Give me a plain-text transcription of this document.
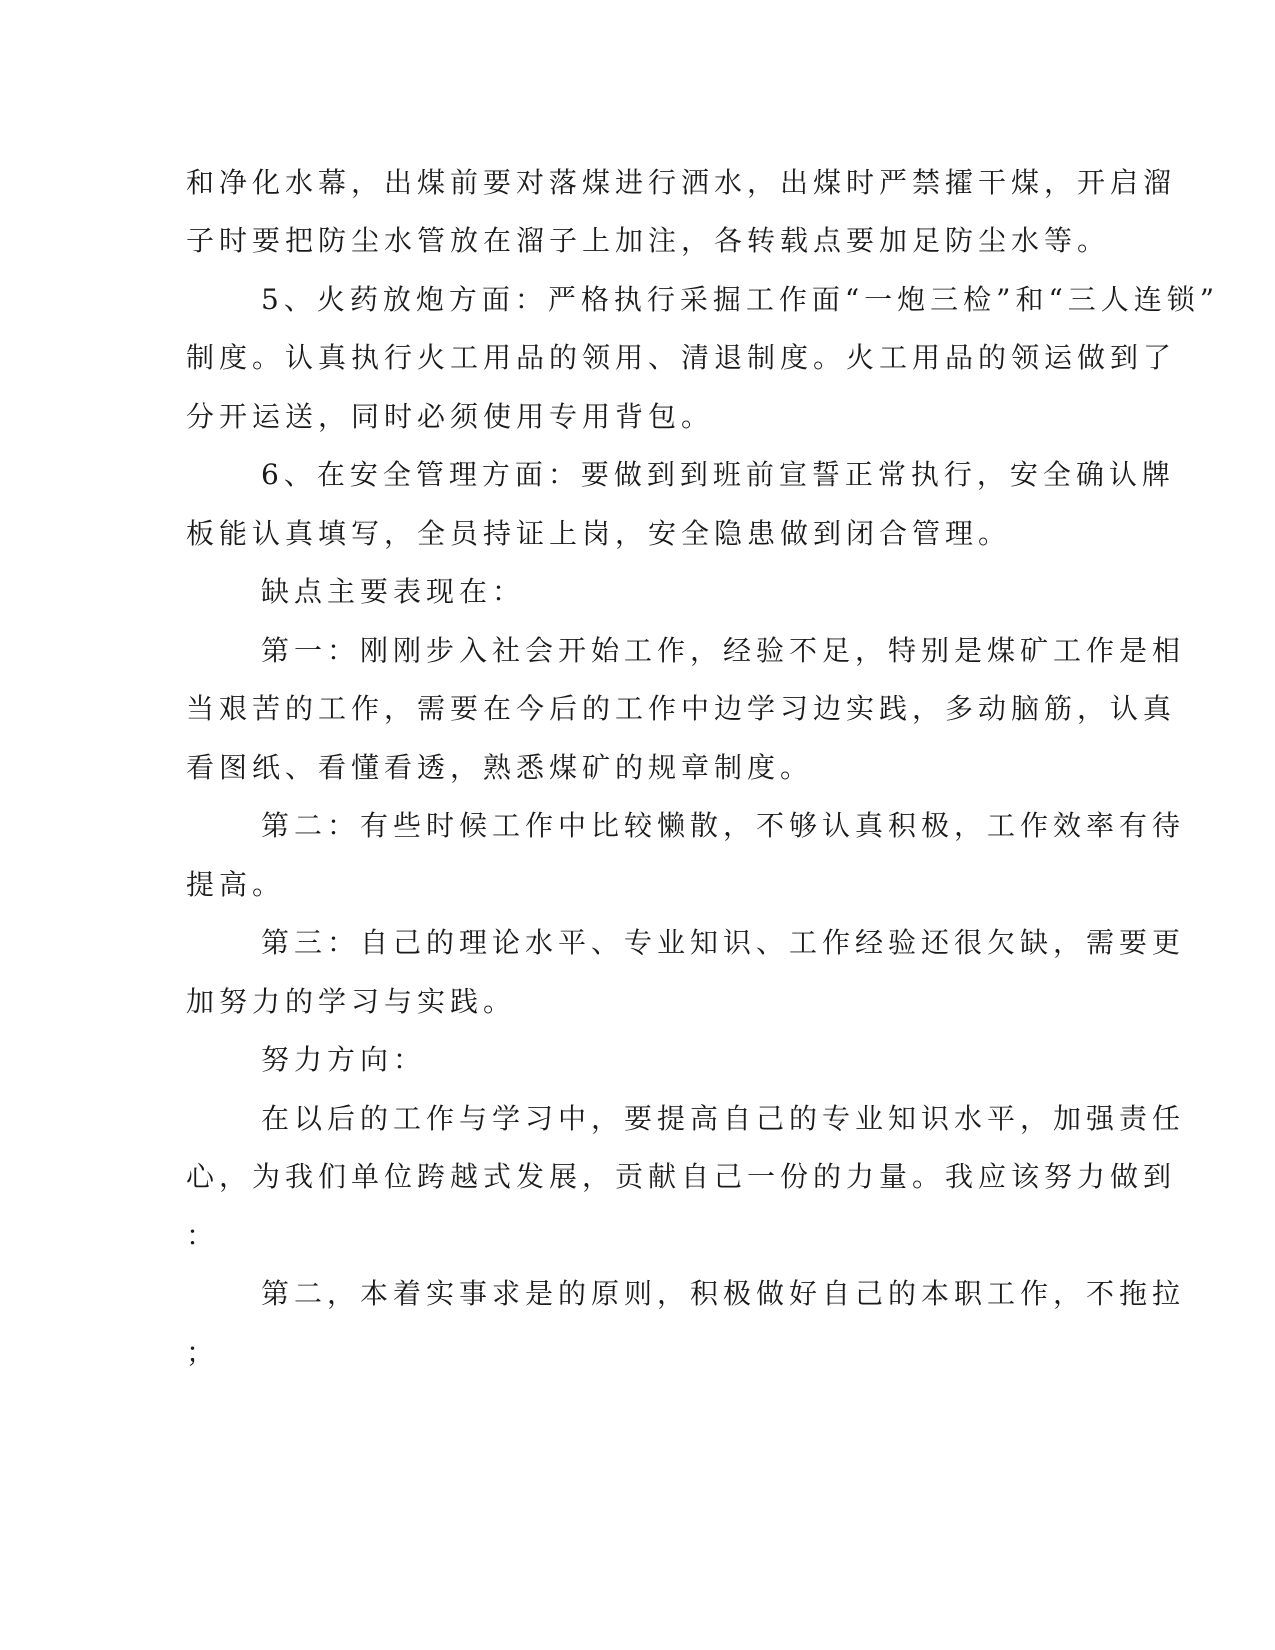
和净化水幕，出煤前要对落煤进行洒水，出煤时严禁攉干煤，开启溜
子时要把防尘水管放在溜子上加注，各转载点要加足防尘水等。
5、火药放炮方面：严格执行采掘工作面“一炮三检”和“三人连锁”
制度。认真执行火工用品的领用、清退制度。火工用品的领运做到了
分开运送，同时必须使用专用背包。
6、在安全管理方面：要做到到班前宣誓正常执行，安全确认牌
板能认真填写，全员持证上岗，安全隐患做到闭合管理。
缺点主要表现在：
第一：刚刚步入社会开始工作，经验不足，特别是煤矿工作是相
当艰苦的工作，需要在今后的工作中边学习边实践，多动脑筋，认真
看图纸、看懂看透，熟悉煤矿的规章制度。
第二：有些时候工作中比较懒散，不够认真积极，工作效率有待
提高。
第三：自己的理论水平、专业知识、工作经验还很欠缺，需要更
加努力的学习与实践。
努力方向：
在以后的工作与学习中，要提高自己的专业知识水平，加强责任
心，为我们单位跨越式发展，贡献自己一份的力量。我应该努力做到
：
第二，本着实事求是的原则，积极做好自己的本职工作，不拖拉
；
